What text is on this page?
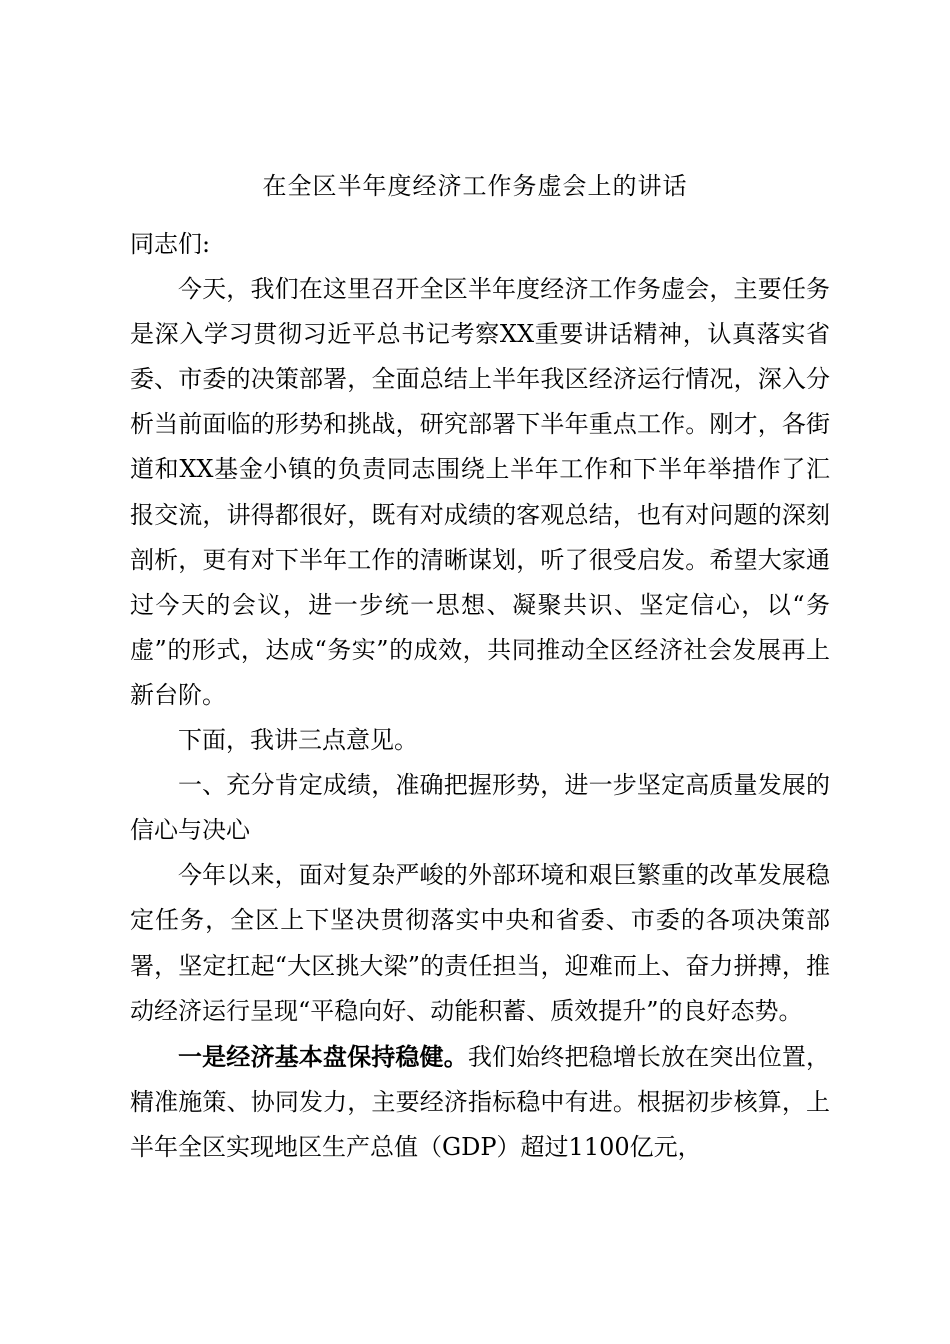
在全区半年度经济工作务虚会上的讲话

同志们:

今天，我们在这里召开全区半年度经济工作务虚会，主要任务是深入学习贯彻习近平总书记考察XX重要讲话精神，认真落实省委、市委的决策部署，全面总结上半年我区经济运行情况，深入分析当前面临的形势和挑战，研究部署下半年重点工作。刚才，各街道和XX基金小镇的负责同志围绕上半年工作和下半年举措作了汇报交流，讲得都很好，既有对成绩的客观总结，也有对问题的深刻剖析，更有对下半年工作的清晰谋划，听了很受启发。希望大家通过今天的会议，进一步统一思想、凝聚共识、坚定信心，以“务虚”的形式，达成“务实”的成效，共同推动全区经济社会发展再上新台阶。

下面，我讲三点意见。

一、充分肯定成绩，准确把握形势，进一步坚定高质量发展的信心与决心

今年以来，面对复杂严峻的外部环境和艰巨繁重的改革发展稳定任务，全区上下坚决贯彻落实中央和省委、市委的各项决策部署，坚定扛起“大区挑大梁”的责任担当，迎难而上、奋力拼搏，推动经济运行呈现“平稳向好、动能积蓄、质效提升”的良好态势。

一是经济基本盘保持稳健。我们始终把稳增长放在突出位置，精准施策、协同发力，主要经济指标稳中有进。根据初步核算，上半年全区实现地区生产总值（GDP）超过1100亿元，
